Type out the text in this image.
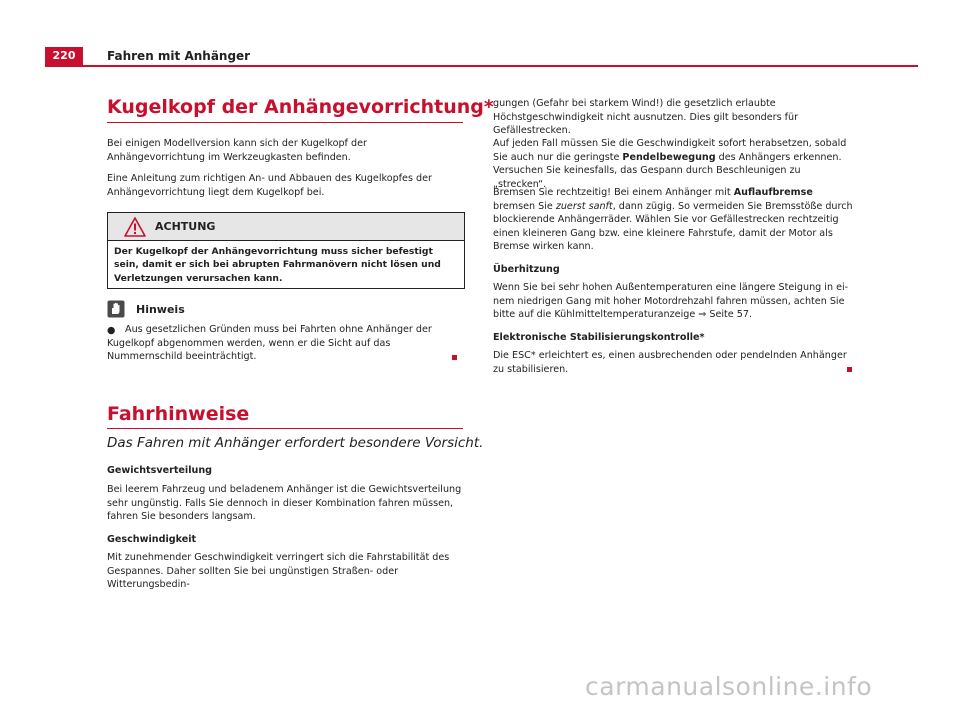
220	Fahren mit Anhänger
Kugelkopf der Anhängevorrichtung*

Bei einigen Modellversion kann sich der Kugelkopf der Anhängevorrichtung im Werkzeugkasten befinden.

Eine Anleitung zum richtigen An- und Abbauen des Kugelkopfes der Anhängevorrichtung liegt dem Kugelkopf bei.

ACHTUNG
Der Kugelkopf der Anhängevorrichtung muss sicher befestigt sein, damit er sich bei abrupten Fahrmanövern nicht lösen und Verletzungen verursachen kann.
Hinweis
●	Aus gesetzlichen Gründen muss bei Fahrten ohne Anhänger der Kugelkopf abgenommen werden, wenn er die Sicht auf das Nummernschild beeinträchtigt.

Fahrhinweise
Das Fahren mit Anhänger erfordert besondere Vorsicht.
Gewichtsverteilung

Bei leerem Fahrzeug und beladenem Anhänger ist die Gewichtsverteilung sehr ungünstig. Falls Sie dennoch in dieser Kombination fahren müssen, fahren Sie besonders langsam.

Geschwindigkeit

Mit zunehmender Geschwindigkeit verringert sich die Fahrstabilität des Gespannes. Daher sollten Sie bei ungünstigen Straßen- oder Witterungsbedin-

gungen (Gefahr bei starkem Wind!) die gesetzlich erlaubte Höchstgeschwindigkeit nicht ausnutzen. Dies gilt besonders für Gefällestrecken.

Auf jeden Fall müssen Sie die Geschwindigkeit sofort herabsetzen, sobald Sie auch nur die geringste Pendelbewegung des Anhängers erkennen. Versuchen Sie keinesfalls, das Gespann durch Beschleunigen zu „strecken“.

Bremsen Sie rechtzeitig! Bei einem Anhänger mit Auflaufbremse bremsen Sie zuerst sanft, dann zügig. So vermeiden Sie Bremsstöße durch blockierende Anhängerräder. Wählen Sie vor Gefällestrecken rechtzeitig einen kleineren Gang bzw. eine kleinere Fahrstufe, damit der Motor als Bremse wirken kann.

Überhitzung

Wenn Sie bei sehr hohen Außentemperaturen eine längere Steigung in einem niedrigen Gang mit hoher Motordrehzahl fahren müssen, achten Sie bitte auf die Kühlmitteltemperaturanzeige ⇒ Seite 57.

Elektronische Stabilisierungskontrolle*

Die ESC* erleichtert es, einen ausbrechenden oder pendelnden Anhänger zu stabilisieren.

carmanualsonline.info
